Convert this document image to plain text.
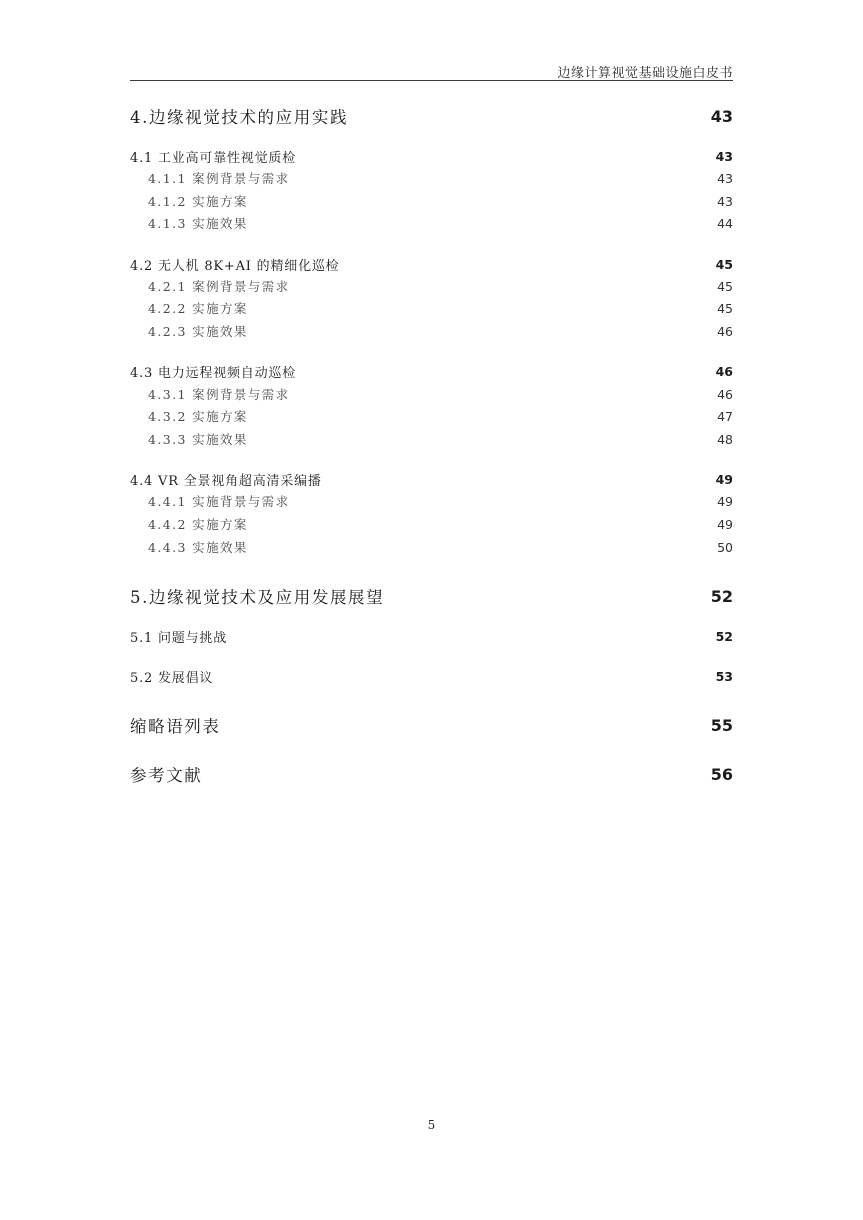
边缘计算视觉基础设施白皮书
4.边缘视觉技术的应用实践	43
4.1 工业高可靠性视觉质检	43
4.1.1 案例背景与需求	43
4.1.2 实施方案	43
4.1.3 实施效果	44
4.2 无人机 8K+AI 的精细化巡检	45
4.2.1 案例背景与需求	45
4.2.2 实施方案	45
4.2.3 实施效果	46
4.3 电力远程视频自动巡检	46
4.3.1 案例背景与需求	46
4.3.2 实施方案	47
4.3.3 实施效果	48
4.4 VR 全景视角超高清采编播	49
4.4.1 实施背景与需求	49
4.4.2 实施方案	49
4.4.3 实施效果	50
5.边缘视觉技术及应用发展展望	52
5.1 问题与挑战	52
5.2 发展倡议	53
缩略语列表	55
参考文献	56
5
